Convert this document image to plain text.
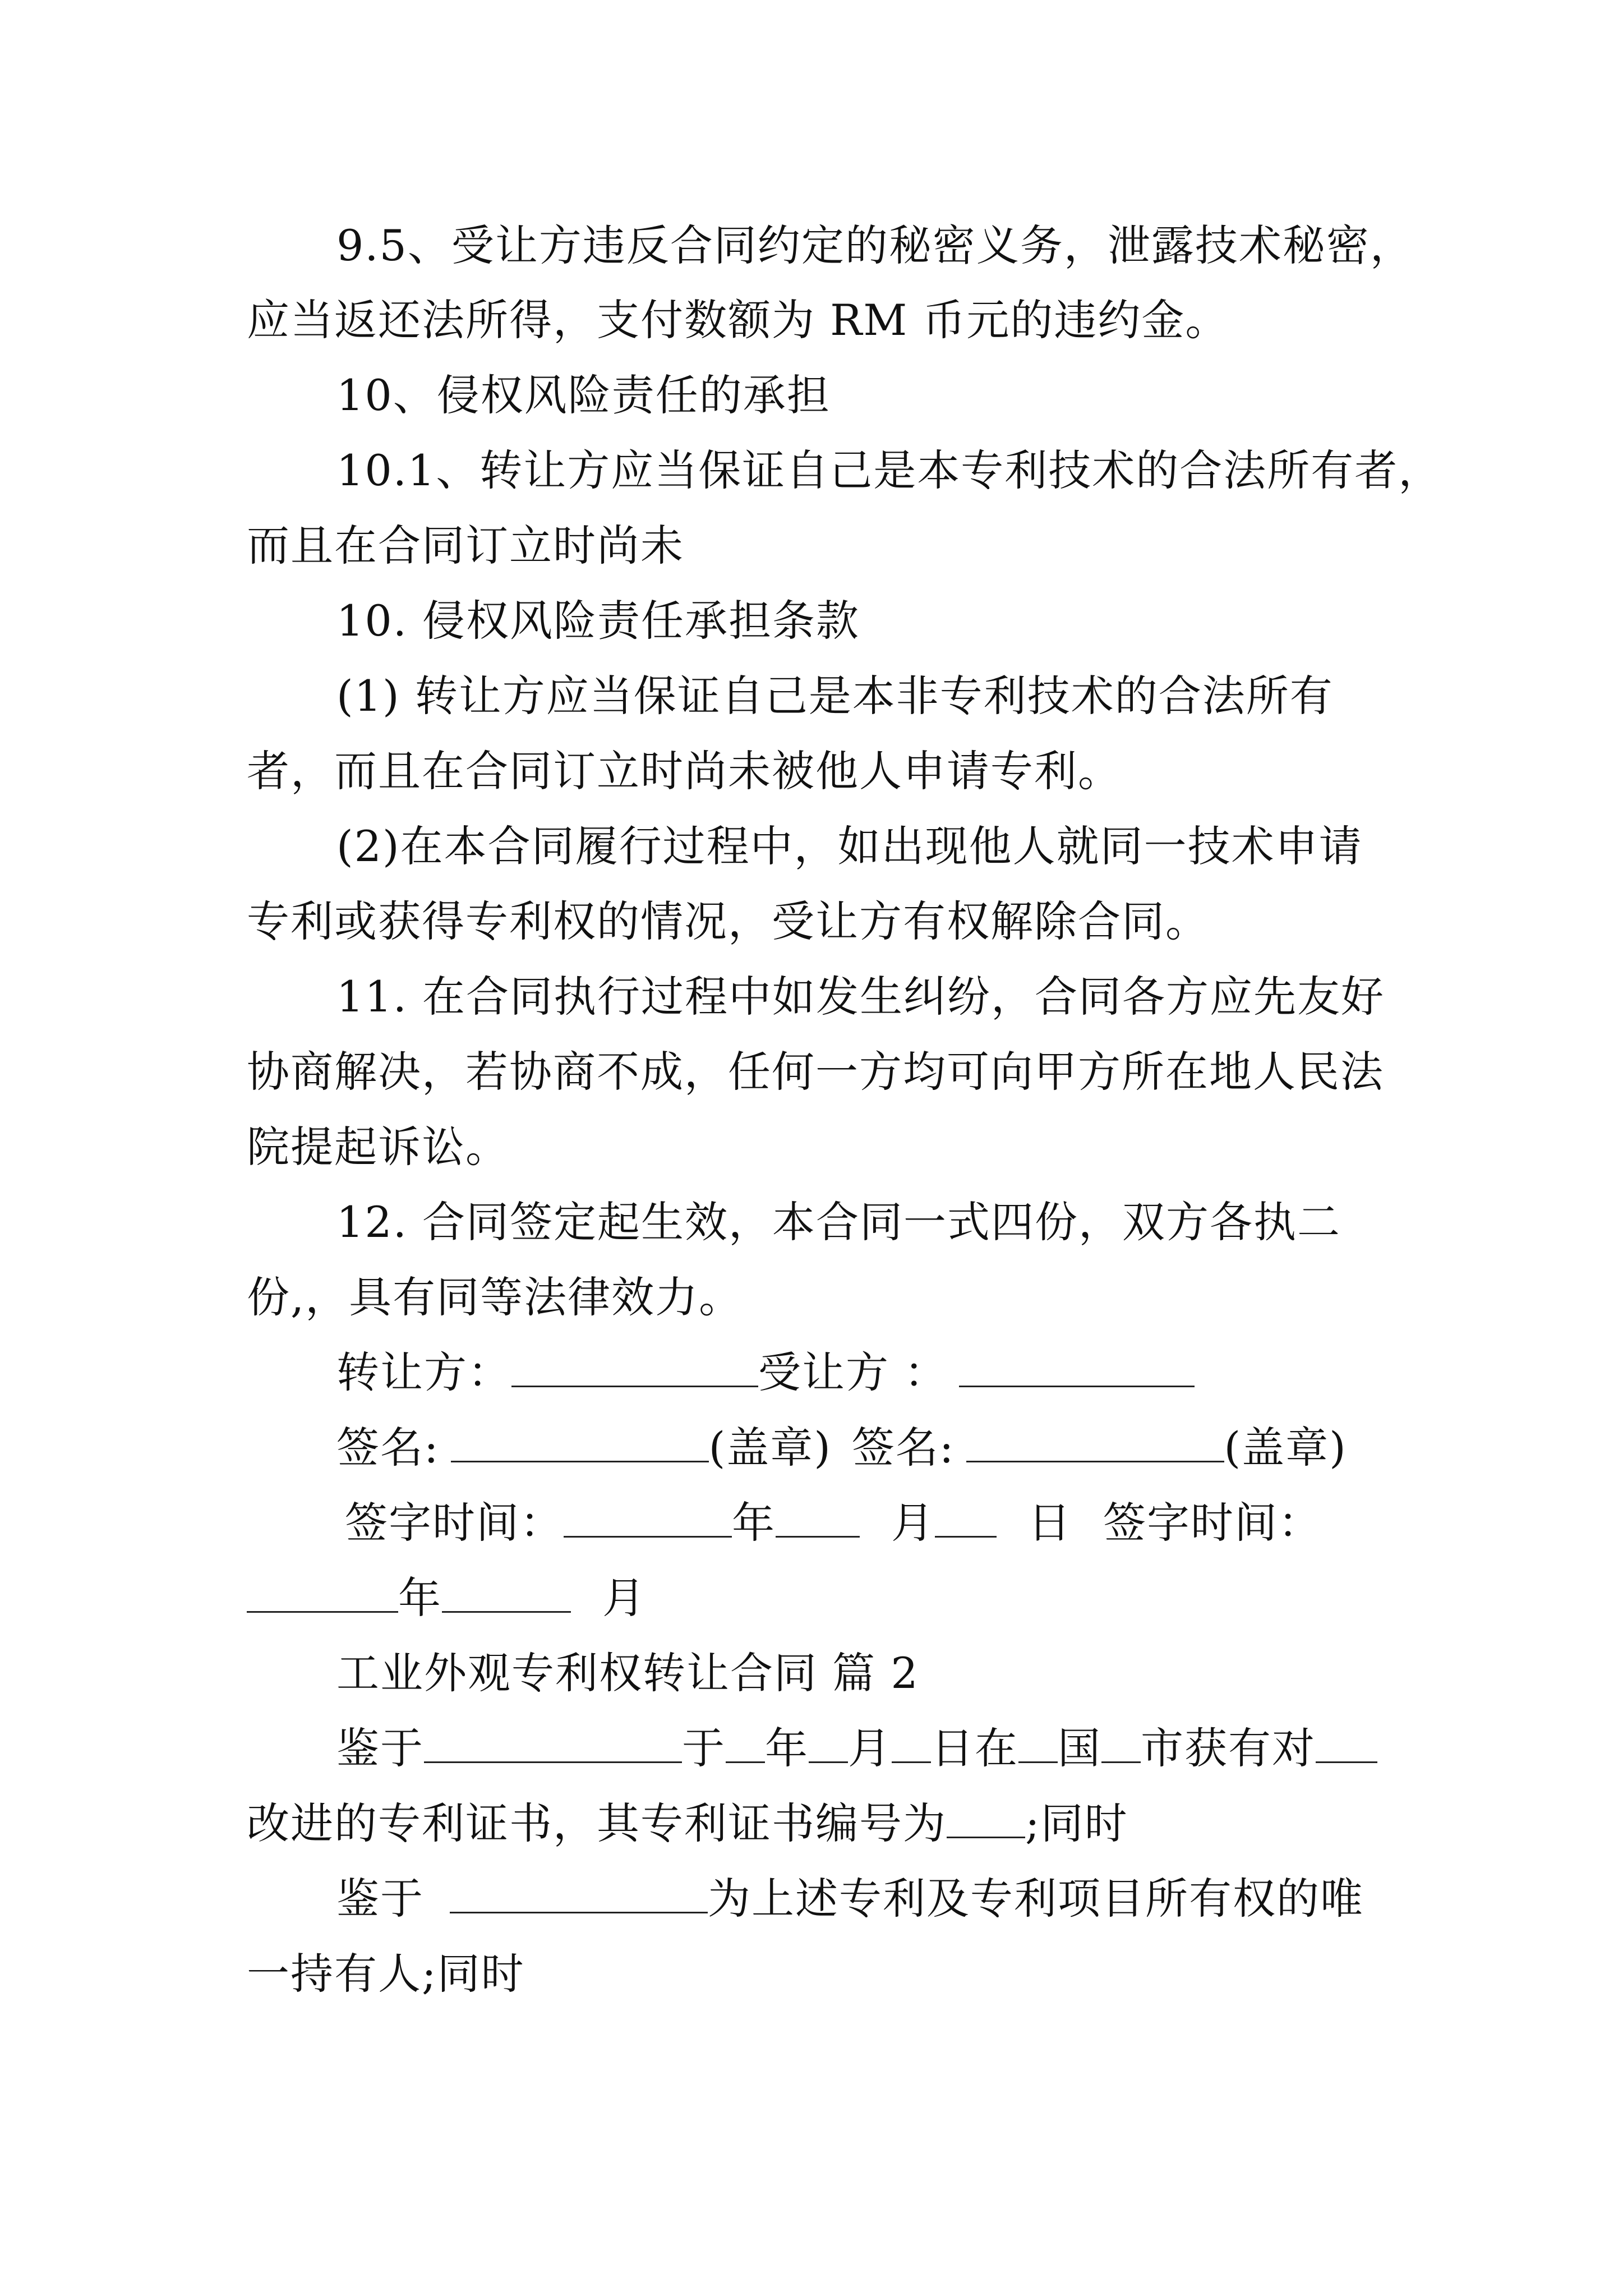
9.5、受让方违反合同约定的秘密义务，泄露技术秘密，
应当返还法所得，支付数额为 RM 币元的违约金。
10、侵权风险责任的承担
10.1、转让方应当保证自己是本专利技术的合法所有者，
而且在合同订立时尚未
10. 侵权风险责任承担条款
(1) 转让方应当保证自己是本非专利技术的合法所有
者，而且在合同订立时尚未被他人申请专利。
(2)在本合同履行过程中，如出现他人就同一技术申请
专利或获得专利权的情况，受让方有权解除合同。
11. 在合同执行过程中如发生纠纷，合同各方应先友好
协商解决，若协商不成，任何一方均可向甲方所在地人民法
院提起诉讼。
12. 合同签定起生效，本合同一式四份，双方各执二
份,，具有同等法律效力。
转让方：	受让方 ：
签名:	(盖章) 签名:	(盖章)
签字时间：	年	月 日 签字时间：
年	月
工业外观专利权转让合同 篇 2
鉴于	于 年 月 日在 国 市获有对
改进的专利证书，其专利证书编号为 ;同时
鉴于	为上述专利及专利项目所有权的唯
一持有人;同时
